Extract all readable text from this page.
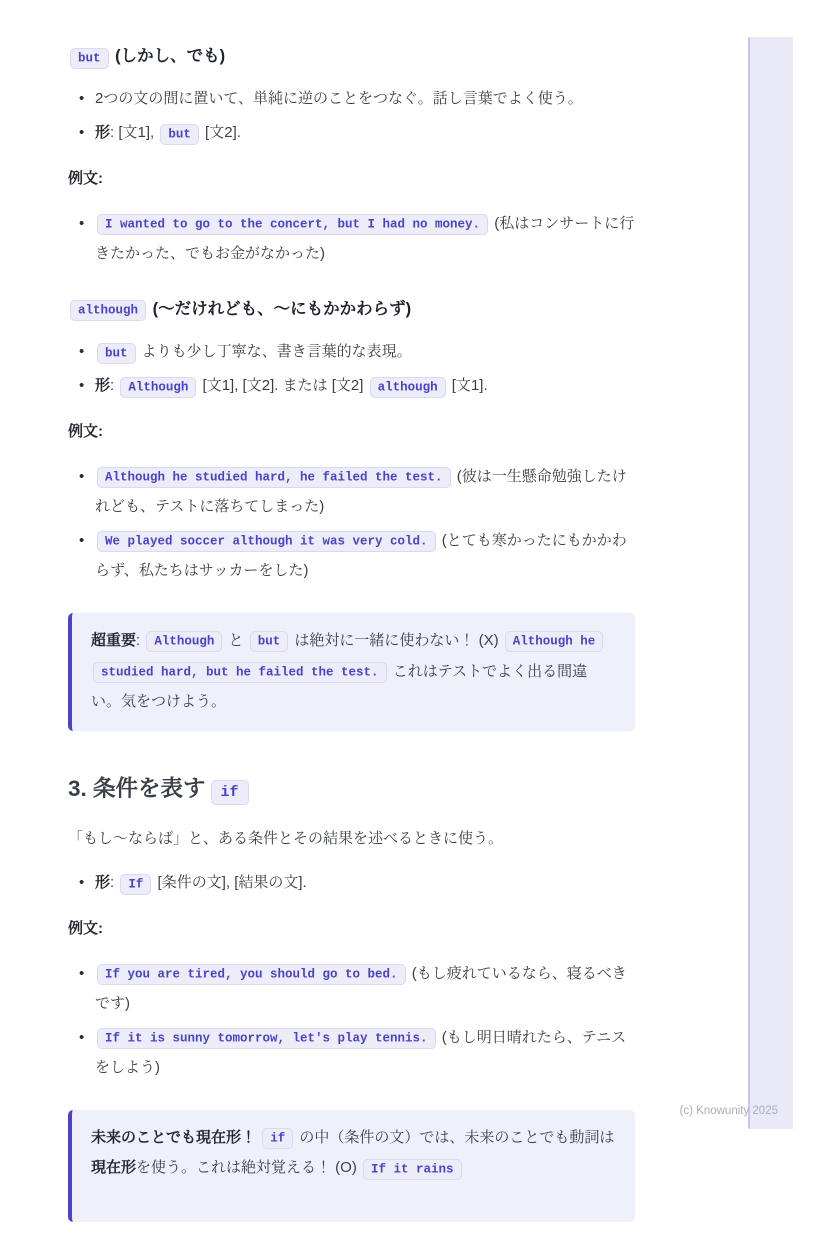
but (しかし、でも)
• 2つの文の間に置いて、単純に逆のことをつなぐ。話し言葉でよく使う。
• 形: [文1], but [文2].

例文:

• I wanted to go to the concert, but I had no money. (私はコンサートに行きたかった、でもお金がなかった)
although (〜だけれども、〜にもかかわらず)
• but よりも少し丁寧な、書き言葉的な表現。
• 形: Although [文1], [文2]. または [文2] although [文1].

例文:

• Although he studied hard, he failed the test. (彼は一生懸命勉強したけれども、テストに落ちてしまった)
• We played soccer although it was very cold. (とても寒かったにもかかわらず、私たちはサッカーをした)
超重要: Although と but は絶対に一緒に使わない！ (X) Although he studied hard, but he failed the test. これはテストでよく出る間違い。気をつけよう。
3. 条件を表す if

「もし〜ならば」と、ある条件とその結果を述べるときに使う。

• 形: If [条件の文], [結果の文].

例文:

• If you are tired, you should go to bed. (もし疲れているなら、寝るべきです)
• If it is sunny tomorrow, let's play tennis. (もし明日晴れたら、テニスをしよう)
未来のことでも現在形！ if の中（条件の文）では、未来のことでも動詞は現在形を使う。これは絶対覚える！ (O) If it rains
(c) Knowunity 2025
